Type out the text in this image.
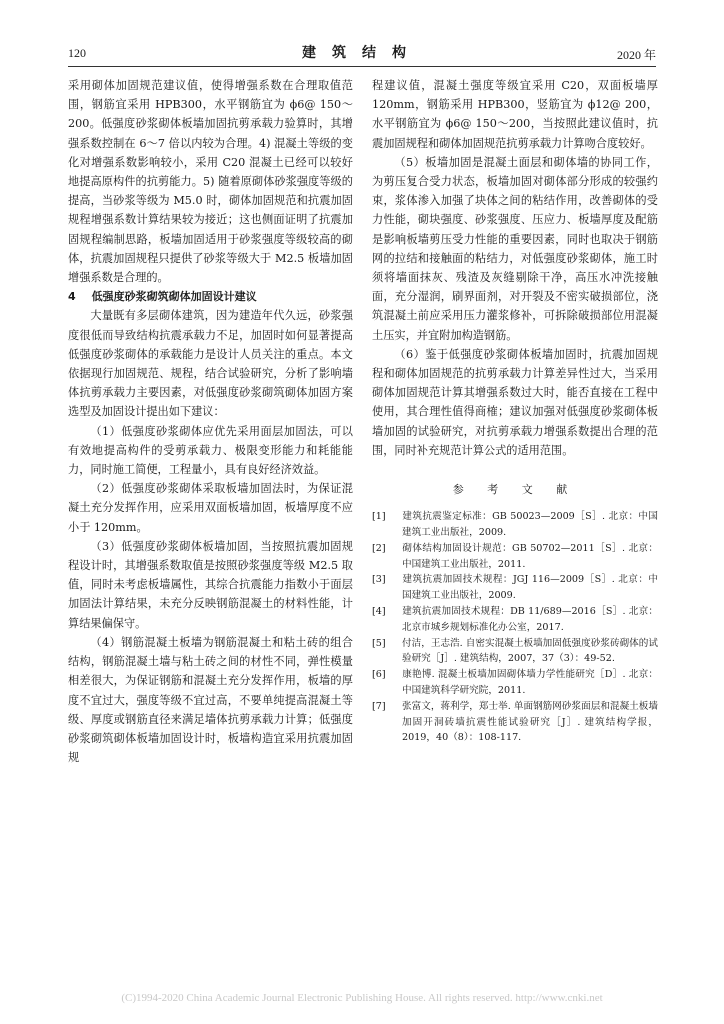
120	建筑结构	2020 年

采用砌体加固规范建议值，使得增强系数在合理取值范围，钢筋宜采用 HPB300，水平钢筋宜为 ϕ6@ 150～200。低强度砂浆砌体板墙加固抗剪承载力验算时，其增强系数控制在 6～7 倍以内较为合理。4) 混凝土等级的变化对增强系数影响较小，采用 C20 混凝土已经可以较好地提高原构件的抗剪能力。5) 随着原砌体砂浆强度等级的提高，当砂浆等级为 M5.0 时，砌体加固规范和抗震加固规程增强系数计算结果较为接近；这也侧面证明了抗震加固规程编制思路，板墙加固适用于砂浆强度等级较高的砌体，抗震加固规程只提供了砂浆等级大于 M2.5 板墙加固增强系数是合理的。

4 低强度砂浆砌筑砌体加固设计建议

大量既有多层砌体建筑，因为建造年代久远，砂浆强度很低而导致结构抗震承载力不足，加固时如何显著提高低强度砂浆砌体的承载能力是设计人员关注的重点。本文依据现行加固规范、规程，结合试验研究，分析了影响墙体抗剪承载力主要因素，对低强度砂浆砌筑砌体加固方案选型及加固设计提出如下建议：

（1）低强度砂浆砌体应优先采用面层加固法，可以有效地提高构件的受剪承载力、极限变形能力和耗能能力，同时施工简便，工程量小，具有良好经济效益。

（2）低强度砂浆砌体采取板墙加固法时，为保证混凝土充分发挥作用，应采用双面板墙加固，板墙厚度不应小于 120mm。

（3）低强度砂浆砌体板墙加固，当按照抗震加固规程设计时，其增强系数取值是按照砂浆强度等级 M2.5 取值，同时未考虑板墙属性，其综合抗震能力指数小于面层加固法计算结果，未充分反映钢筋混凝土的材料性能，计算结果偏保守。

（4）钢筋混凝土板墙为钢筋混凝土和粘土砖的组合结构，钢筋混凝土墙与粘土砖之间的材性不同，弹性模量相差很大，为保证钢筋和混凝土充分发挥作用，板墙的厚度不宜过大，强度等级不宜过高，不要单纯提高混凝土等级、厚度或钢筋直径来满足墙体抗剪承载力计算；低强度砂浆砌筑砌体板墙加固设计时，板墙构造宜采用抗震加固规

程建议值，混凝土强度等级宜采用 C20，双面板墙厚 120mm，钢筋采用 HPB300，竖筋宜为 ϕ12@ 200，水平钢筋宜为 ϕ6@ 150～200，当按照此建议值时，抗震加固规程和砌体加固规范抗剪承载力计算吻合度较好。

（5）板墙加固是混凝土面层和砌体墙的协同工作，为剪压复合受力状态，板墙加固对砌体部分形成的较强约束，浆体渗入加强了块体之间的粘结作用，改善砌体的受力性能，砌块强度、砂浆强度、压应力、板墙厚度及配筋是影响板墙剪压受力性能的重要因素，同时也取决于钢筋网的拉结和接触面的粘结力，对低强度砂浆砌体，施工时须将墙面抹灰、残渣及灰缝剔除干净，高压水冲洗接触面，充分湿润，刷界面剂，对开裂及不密实破损部位，浇筑混凝土前应采用压力灌浆修补，可拆除破损部位用混凝土压实，并宜附加构造钢筋。

（6）鉴于低强度砂浆砌体板墙加固时，抗震加固规程和砌体加固规范的抗剪承载力计算差异性过大，当采用砌体加固规范计算其增强系数过大时，能否直接在工程中使用，其合理性值得商榷；建议加强对低强度砂浆砌体板墙加固的试验研究，对抗剪承载力增强系数提出合理的范围，同时补充规范计算公式的适用范围。

参 考 文 献

[1] 建筑抗震鉴定标准：GB 50023—2009［S］. 北京：中国建筑工业出版社，2009.

[2] 砌体结构加固设计规范：GB 50702—2011［S］. 北京：中国建筑工业出版社，2011.

[3] 建筑抗震加固技术规程：JGJ 116—2009［S］. 北京：中国建筑工业出版社，2009.

[4] 建筑抗震加固技术规程：DB 11/689—2016［S］. 北京：北京市城乡规划标准化办公室，2017.

[5] 付洁，王志浩. 自密实混凝土板墙加固低强度砂浆砖砌体的试验研究［J］. 建筑结构，2007，37（3）：49-52.

[6] 康艳博. 混凝土板墙加固砌体墙力学性能研究［D］. 北京：中国建筑科学研究院，2011.

[7] 张富文，蒋利学，郑士举. 单面钢筋网砂浆面层和混凝土板墙加固开洞砖墙抗震性能试验研究［J］. 建筑结构学报，2019，40（8）：108-117.

(C)1994-2020 China Academic Journal Electronic Publishing House. All rights reserved. http://www.cnki.net
